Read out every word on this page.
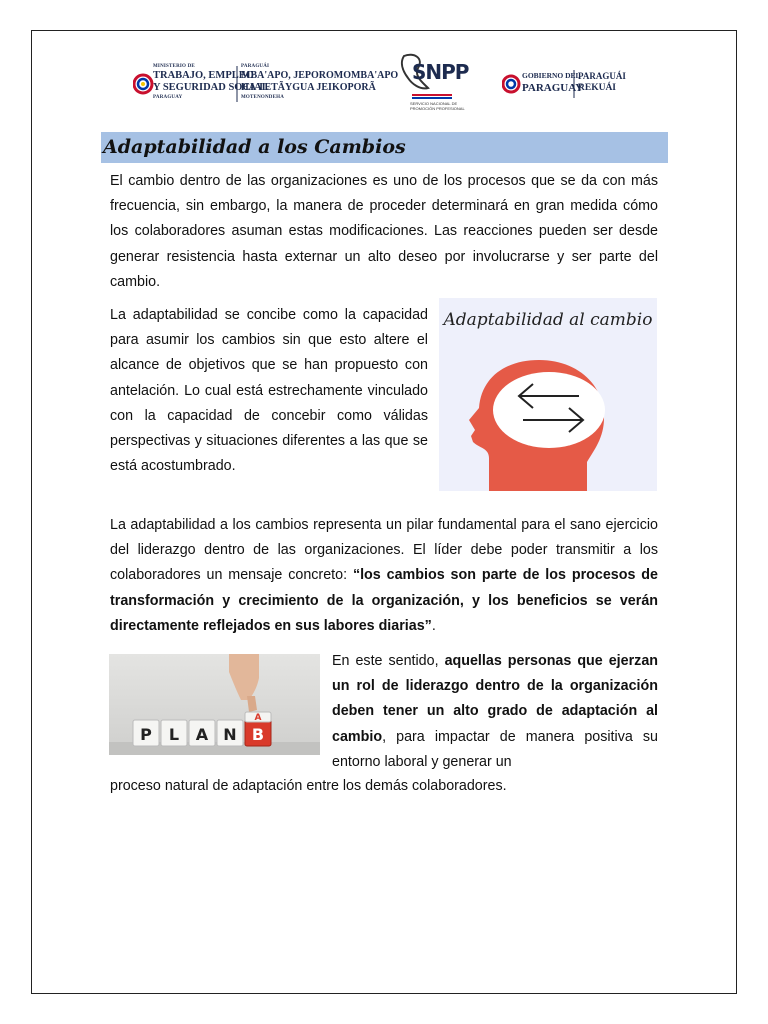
MINISTERIO DE
TRABAJO, EMPLEO
Y SEGURIDAD SOCIAL
PARAGUAY
PARAGUÁI
MBA'APO, JEPOROMOMBA'APO
HA TETÃYGUA JEIKOPORÃ
MOTENONDEHA
SNPP
SERVICIO NACIONAL DE
PROMOCIÓN PROFESIONAL
GOBIERNO DEL
PARAGUAY
PARAGUÁI
REKUÁI
Adaptabilidad a los Cambios

El cambio dentro de las organizaciones es uno de los procesos que se da con más frecuencia, sin embargo, la manera de proceder determinará en gran medida cómo los colaboradores asuman estas modificaciones. Las reacciones pueden ser desde generar resistencia hasta externar un alto deseo por involucrarse y ser parte del cambio.

La adaptabilidad se concibe como la capacidad para asumir los cambios sin que esto altere el alcance de objetivos que se han propuesto con antelación. Lo cual está estrechamente vinculado con la capacidad de concebir como válidas perspectivas y situaciones diferentes a las que se está acostumbrado.

Adaptabilidad al cambio

La adaptabilidad a los cambios representa un pilar fundamental para el sano ejercicio del liderazgo dentro de las organizaciones. El líder debe poder transmitir a los colaboradores un mensaje concreto: “los cambios son parte de los procesos de transformación y crecimiento de la organización, y los beneficios se verán directamente reflejados en sus labores diarias”.

P L A N B
A

En este sentido, aquellas personas que ejerzan un rol de liderazgo dentro de la organización deben tener un alto grado de adaptación al cambio, para impactar de manera positiva su entorno laboral y generar un

proceso natural de adaptación entre los demás colaboradores.
